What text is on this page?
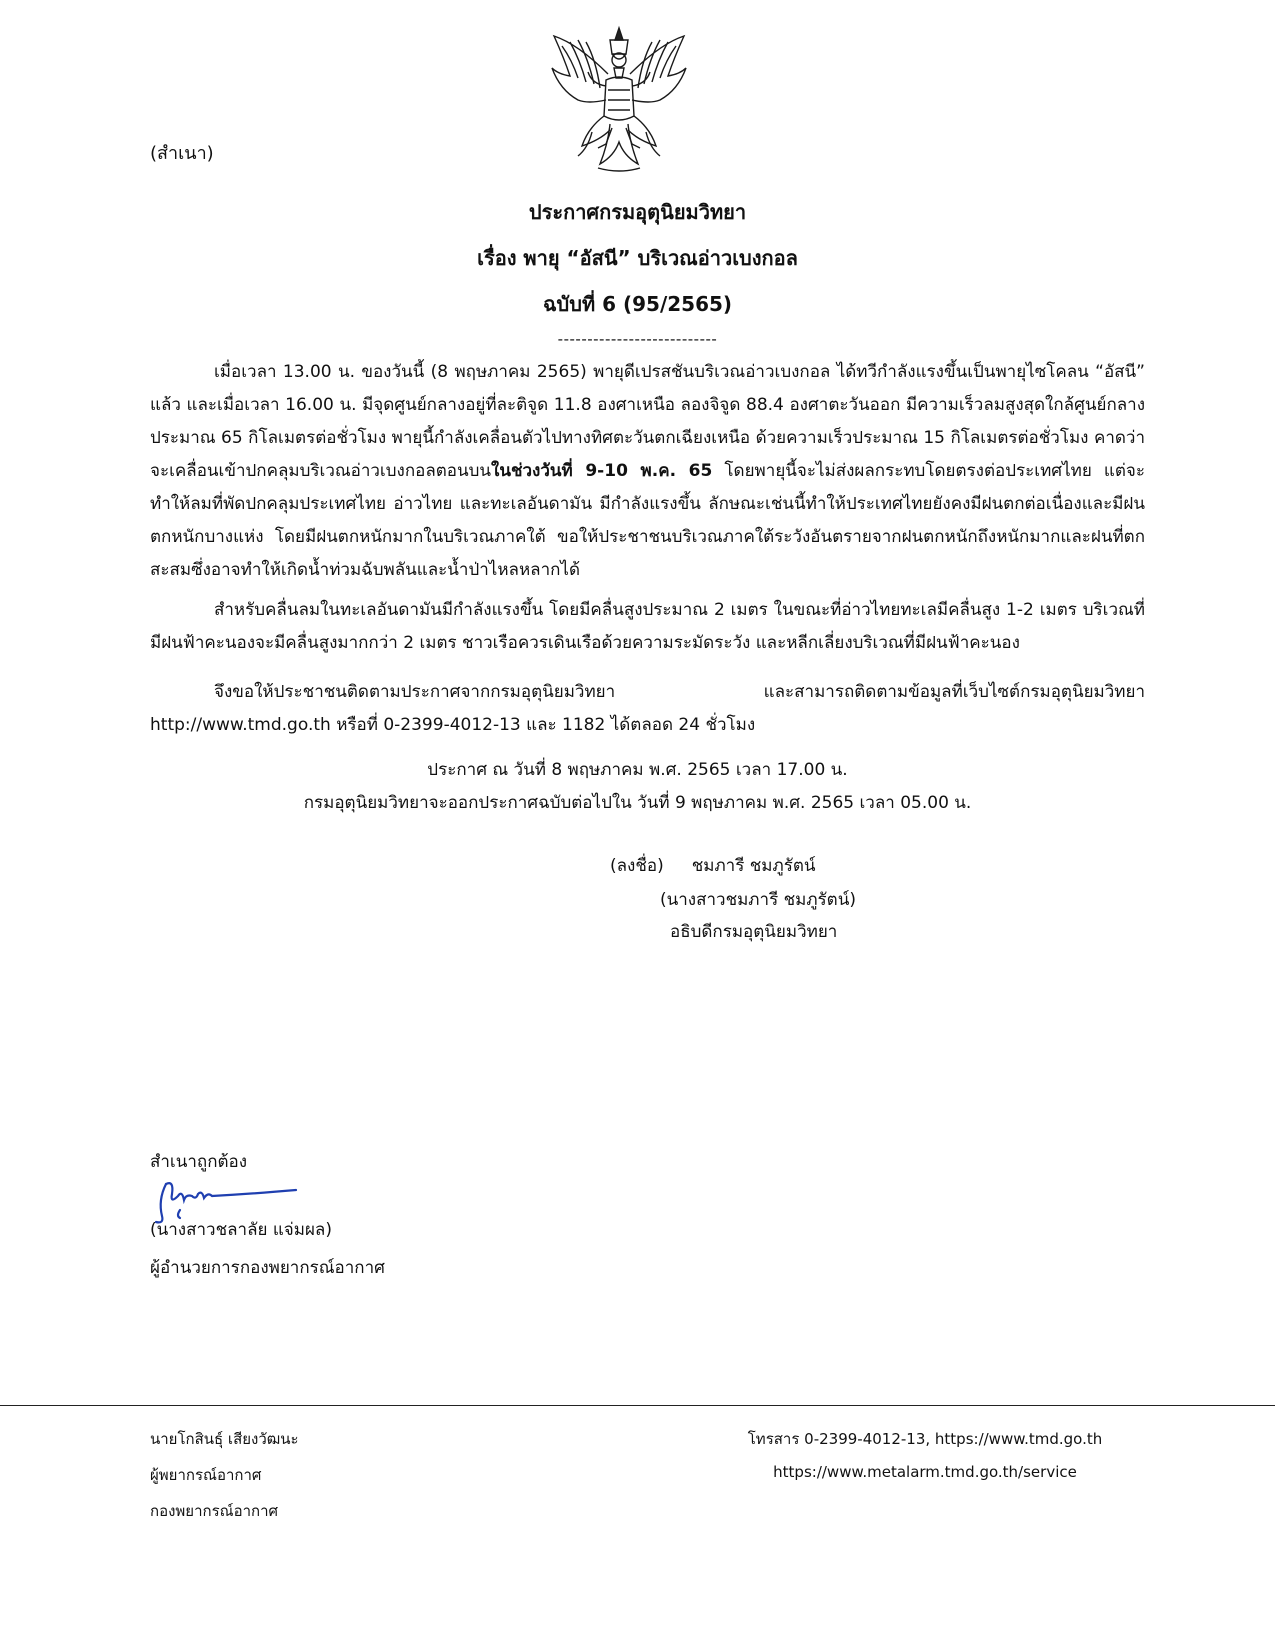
(สำเนา)
ประกาศกรมอุตุนิยมวิทยา
เรื่อง พายุ “อัสนี” บริเวณอ่าวเบงกอล
ฉบับที่ 6 (95/2565)
---------------------------
เมื่อเวลา 13.00 น. ของวันนี้ (8 พฤษภาคม 2565) พายุดีเปรสชันบริเวณอ่าวเบงกอล ได้ทวีกำลังแรงขึ้นเป็นพายุไซโคลน “อัสนี” แล้ว และเมื่อเวลา 16.00 น. มีจุดศูนย์กลางอยู่ที่ละติจูด 11.8 องศาเหนือ ลองจิจูด 88.4 องศาตะวันออก มีความเร็วลมสูงสุดใกล้ศูนย์กลางประมาณ 65 กิโลเมตรต่อชั่วโมง พายุนี้กำลังเคลื่อนตัวไปทางทิศตะวันตกเฉียงเหนือ ด้วยความเร็วประมาณ 15 กิโลเมตรต่อชั่วโมง คาดว่าจะเคลื่อนเข้าปกคลุมบริเวณอ่าวเบงกอลตอนบนในช่วงวันที่ 9-10 พ.ค. 65 โดยพายุนี้จะไม่ส่งผลกระทบโดยตรงต่อประเทศไทย แต่จะทำให้ลมที่พัดปกคลุมประเทศไทย อ่าวไทย และทะเลอันดามัน มีกำลังแรงขึ้น ลักษณะเช่นนี้ทำให้ประเทศไทยยังคงมีฝนตกต่อเนื่องและมีฝนตกหนักบางแห่ง โดยมีฝนตกหนักมากในบริเวณภาคใต้ ขอให้ประชาชนบริเวณภาคใต้ระวังอันตรายจากฝนตกหนักถึงหนักมากและฝนที่ตกสะสมซึ่งอาจทำให้เกิดน้ำท่วมฉับพลันและน้ำป่าไหลหลากได้
สำหรับคลื่นลมในทะเลอันดามันมีกำลังแรงขึ้น โดยมีคลื่นสูงประมาณ 2 เมตร ในขณะที่อ่าวไทยทะเลมีคลื่นสูง 1-2 เมตร บริเวณที่มีฝนฟ้าคะนองจะมีคลื่นสูงมากกว่า 2 เมตร ชาวเรือควรเดินเรือด้วยความระมัดระวัง และหลีกเลี่ยงบริเวณที่มีฝนฟ้าคะนอง
จึงขอให้ประชาชนติดตามประกาศจากกรมอุตุนิยมวิทยา และสามารถติดตามข้อมูลที่เว็บไซต์กรมอุตุนิยมวิทยา http://www.tmd.go.th หรือที่ 0-2399-4012-13 และ 1182 ได้ตลอด 24 ชั่วโมง
ประกาศ ณ วันที่ 8 พฤษภาคม พ.ศ. 2565 เวลา 17.00 น.
กรมอุตุนิยมวิทยาจะออกประกาศฉบับต่อไปใน วันที่ 9 พฤษภาคม พ.ศ. 2565 เวลา 05.00 น.
(ลงชื่อ) ชมภารี ชมภูรัตน์
(นางสาวชมภารี ชมภูรัตน์)
อธิบดีกรมอุตุนิยมวิทยา
สำเนาถูกต้อง
(นางสาวชลาลัย แจ่มผล)
ผู้อำนวยการกองพยากรณ์อากาศ
นายโกสินธุ์ เสียงวัฒนะ
ผู้พยากรณ์อากาศ
กองพยากรณ์อากาศ
โทรสาร 0-2399-4012-13, https://www.tmd.go.th
https://www.metalarm.tmd.go.th/service
